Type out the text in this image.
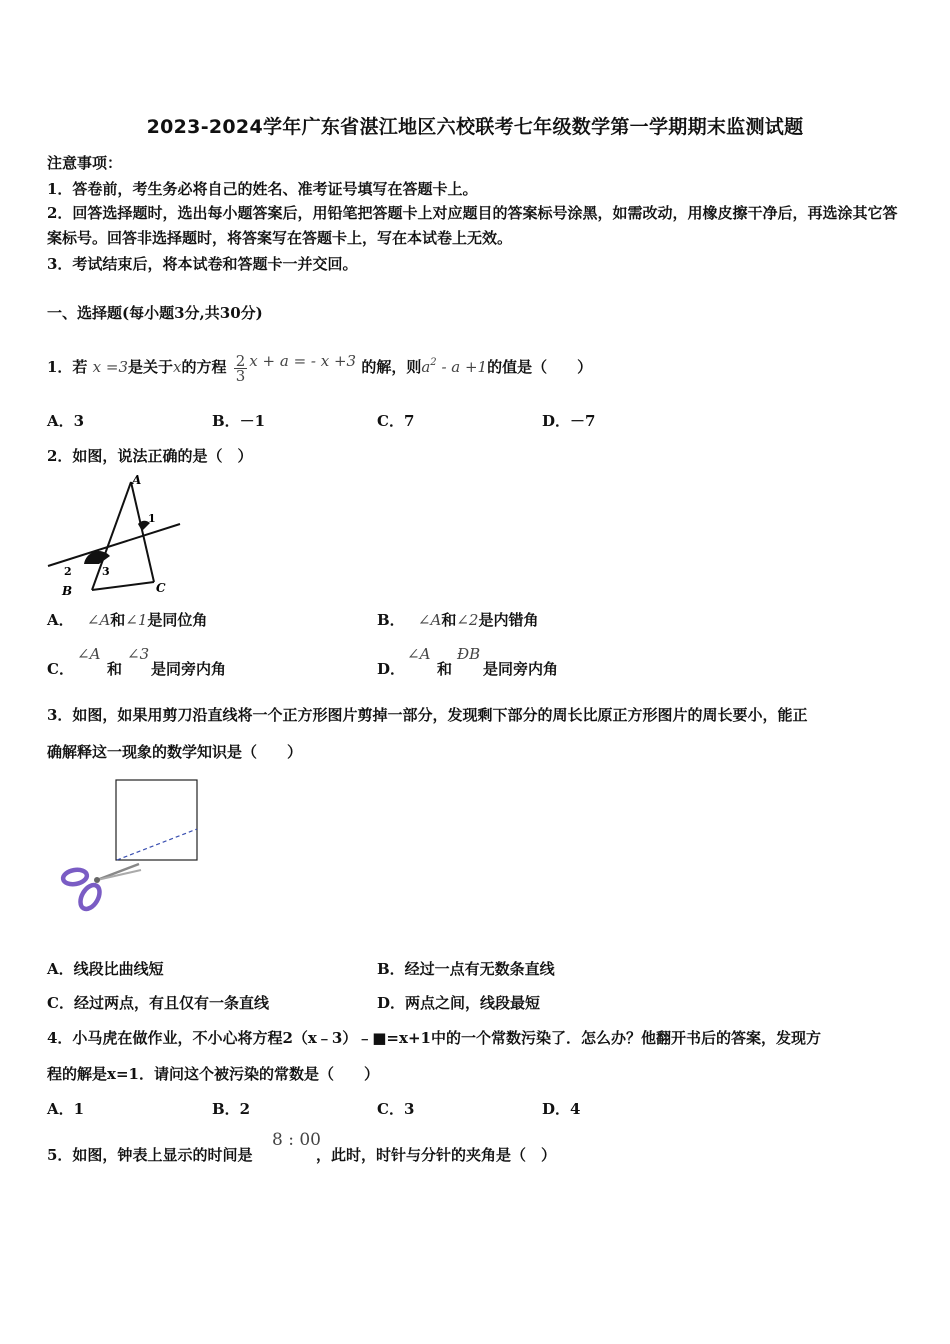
2023-2024学年广东省湛江地区六校联考七年级数学第一学期期末监测试题
注意事项：
1．答卷前，考生务必将自己的姓名、准考证号填写在答题卡上。
2．回答选择题时，选出每小题答案后，用铅笔把答题卡上对应题目的答案标号涂黑，如需改动，用橡皮擦干净后，再选涂其它答案标号。回答非选择题时，将答案写在答题卡上，写在本试卷上无效。
3．考试结束后，将本试卷和答题卡一并交回。
一、选择题(每小题3分,共30分)
1．若 x =3是关于x的方程 $\frac{2}{3}$ x + a = - x +3 的解，则$a^2 - a +1$的值是（　　）
A．3	B．－1	C．7	D．－7
2．如图，说法正确的是（　）
A
1
2	3
B	C
A． ∠A和∠1是同位角	B． ∠A和∠2是内错角
C．
∠A
和
∠3
是同旁内角	D．
∠A
和
ÐB
是同旁内角
3．如图，如果用剪刀沿直线将一个正方形图片剪掉一部分，发现剩下部分的周长比原正方形图片的周长要小，能正
确解释这一现象的数学知识是（　　）
A．线段比曲线短	B．经过一点有无数条直线
C．经过两点，有且仅有一条直线	D．两点之间，线段最短
4．小马虎在做作业，不小心将方程2（x﹣3）﹣■=x+1中的一个常数污染了．怎么办？他翻开书后的答案，发现方
程的解是x=1．请问这个被污染的常数是（　　）
A．1	B．2	C．3	D．4
5．如图，钟表上显示的时间是
8 : 00
，此时，时针与分针的夹角是（　）
